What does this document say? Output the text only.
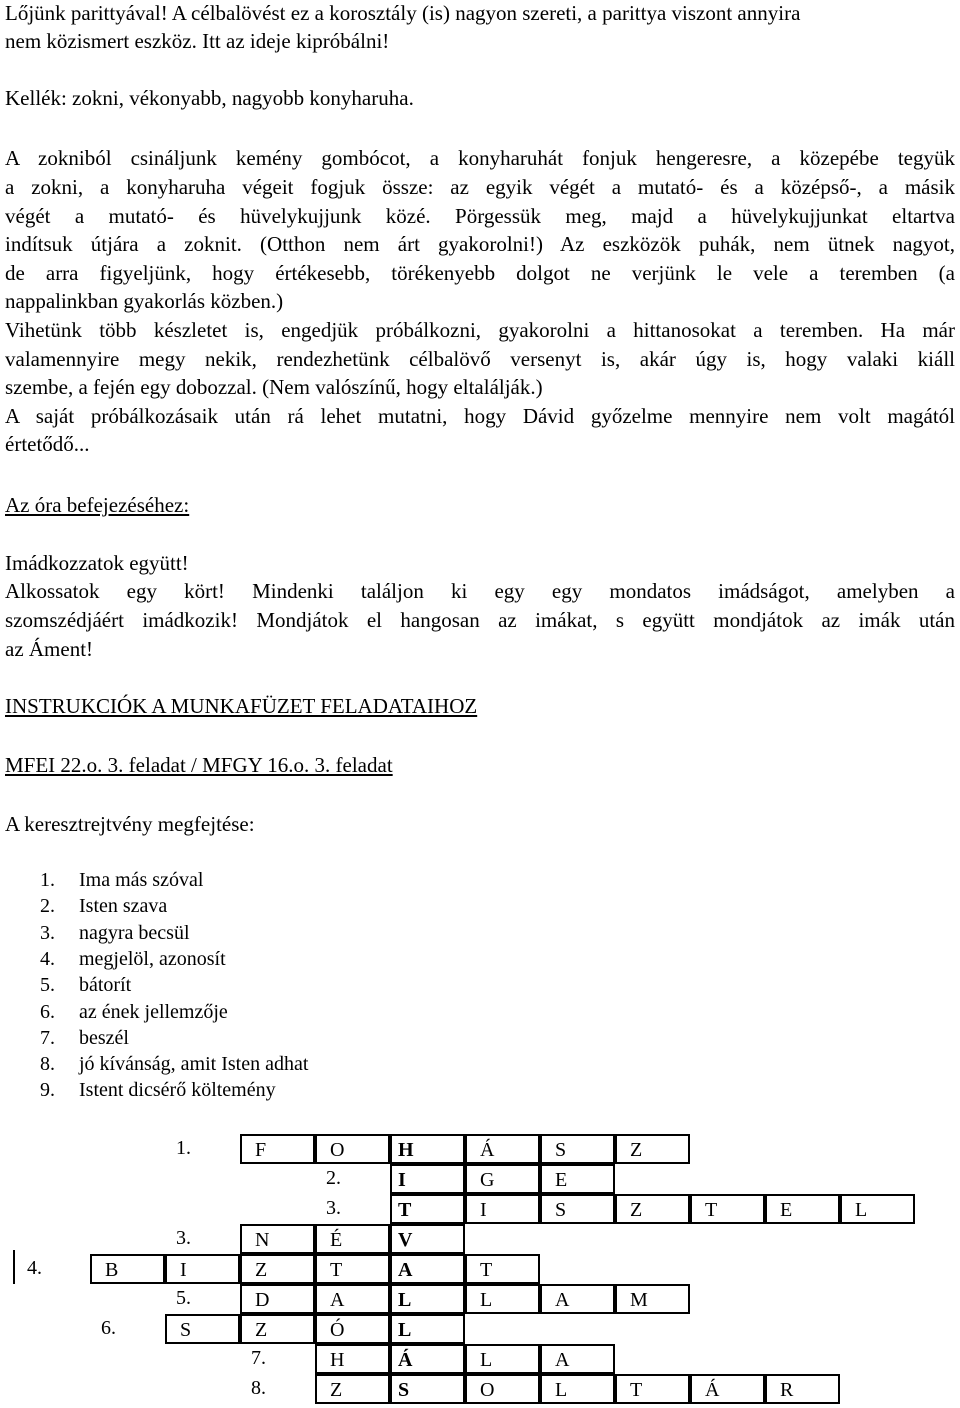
Lőjünk parittyával! A célbalövést ez a korosztály (is) nagyon szereti, a parittya viszont annyira
nem közismert eszköz. Itt az ideje kipróbálni!
Kellék: zokni, vékonyabb, nagyobb konyharuha.
A zokniból csináljunk kemény gombócot, a konyharuhát fonjuk hengeresre, a közepébe tegyük
a zokni, a konyharuha végeit fogjuk össze: az egyik végét a mutató- és a középső-, a másik
végét a mutató- és hüvelykujjunk közé. Pörgessük meg, majd a hüvelykujjunkat eltartva
indítsuk útjára a zoknit. (Otthon nem árt gyakorolni!) Az eszközök puhák, nem ütnek nagyot,
de arra figyeljünk, hogy értékesebb, törékenyebb dolgot ne verjünk le vele a teremben (a
nappalinkban gyakorlás közben.)
Vihetünk több készletet is, engedjük próbálkozni, gyakorolni a hittanosokat a teremben. Ha már
valamennyire megy nekik, rendezhetünk célbalövő versenyt is, akár úgy is, hogy valaki kiáll
szembe, a fején egy dobozzal. (Nem valószínű, hogy eltalálják.)
A saját próbálkozásaik után rá lehet mutatni, hogy Dávid győzelme mennyire nem volt magától
értetődő...
Az óra befejezéséhez:
Imádkozzatok együtt!
Alkossatok egy kört! Mindenki találjon ki egy egy mondatos imádságot, amelyben a
szomszédjáért imádkozik! Mondjátok el hangosan az imákat, s együtt mondjátok az imák után
az Áment!
INSTRUKCIÓK A MUNKAFÜZET FELADATAIHOZ
MFEI 22.o. 3. feladat / MFGY 16.o. 3. feladat
A keresztrejtvény megfejtése:
1. Ima más szóval
2. Isten szava
3. nagyra becsül
4. megjelöl, azonosít
5. bátorít
6. az ének jellemzője
7. beszél
8. jó kívánság, amit Isten adhat
9. Istent dicsérő költemény
1.	F	O	H	Á	S	Z
2.	I	G	E
3.	T	I	S	Z	T	E	L
3.	N	É	V
4.	B	I	Z	T	A	T
5.	D	A	L	L	A	M
6.	S	Z	Ó	L
7.	H	Á	L	A
8.	Z	S	O	L	T	Á	R
